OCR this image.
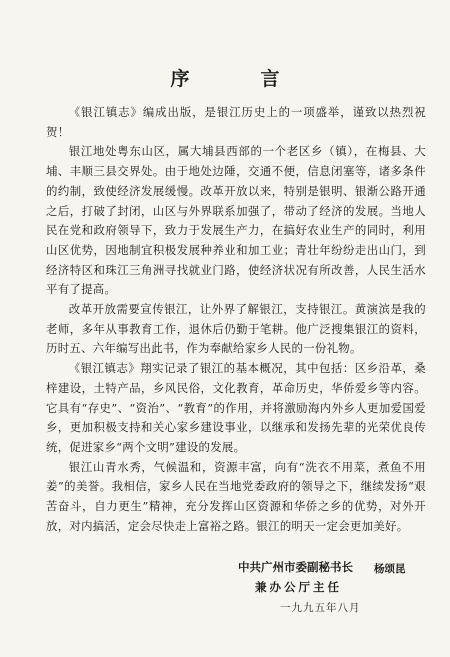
序　言

《银江镇志》编成出版，是银江历史上的一项盛举，谨致以热烈祝贺！

银江地处粤东山区，属大埔县西部的一个老区乡（镇），在梅县、大埔、丰顺三县交界处。由于地处边陲，交通不便，信息闭塞等，诸多条件的约制，致使经济发展缓慢。改革开放以来，特别是银明、银渐公路开通之后，打破了封闭，山区与外界联系加强了，带动了经济的发展。当地人民在党和政府领导下，致力于发展生产力，在搞好农业生产的同时，利用山区优势，因地制宜积极发展种养业和加工业；青壮年纷纷走出山门，到经济特区和珠江三角洲寻找就业门路，使经济状况有所改善，人民生活水平有了提高。

改革开放需要宣传银江，让外界了解银江，支持银江。黄演滨是我的老师，多年从事教育工作，退休后仍勤于笔耕。他广泛搜集银江的资料，历时五、六年编写出此书，作为奉献给家乡人民的一份礼物。

《银江镇志》翔实记录了银江的基本概况，其中包括：区乡沿革，桑梓建设，土特产品，乡风民俗，文化教育，革命历史，华侨爱乡等内容。它具有“存史”、“资治”、“教育”的作用，并将激励海内外乡人更加爱国爱乡，更加积极支持和关心家乡建设事业，以继承和发扬先辈的光荣优良传统，促进家乡“两个文明”建设的发展。

银江山青水秀，气候温和，资源丰富，向有“洗衣不用菜，煮鱼不用姜”的美誉。我相信，家乡人民在当地党委政府的领导之下，继续发扬“艰苦奋斗，自力更生”精神，充分发挥山区资源和华侨之乡的优势，对外开放，对内搞活，定会尽快走上富裕之路。银江的明天一定会更加美好。

中共广州市委副秘书长 杨颂昆
兼办公厅主任
一九九五年八月
